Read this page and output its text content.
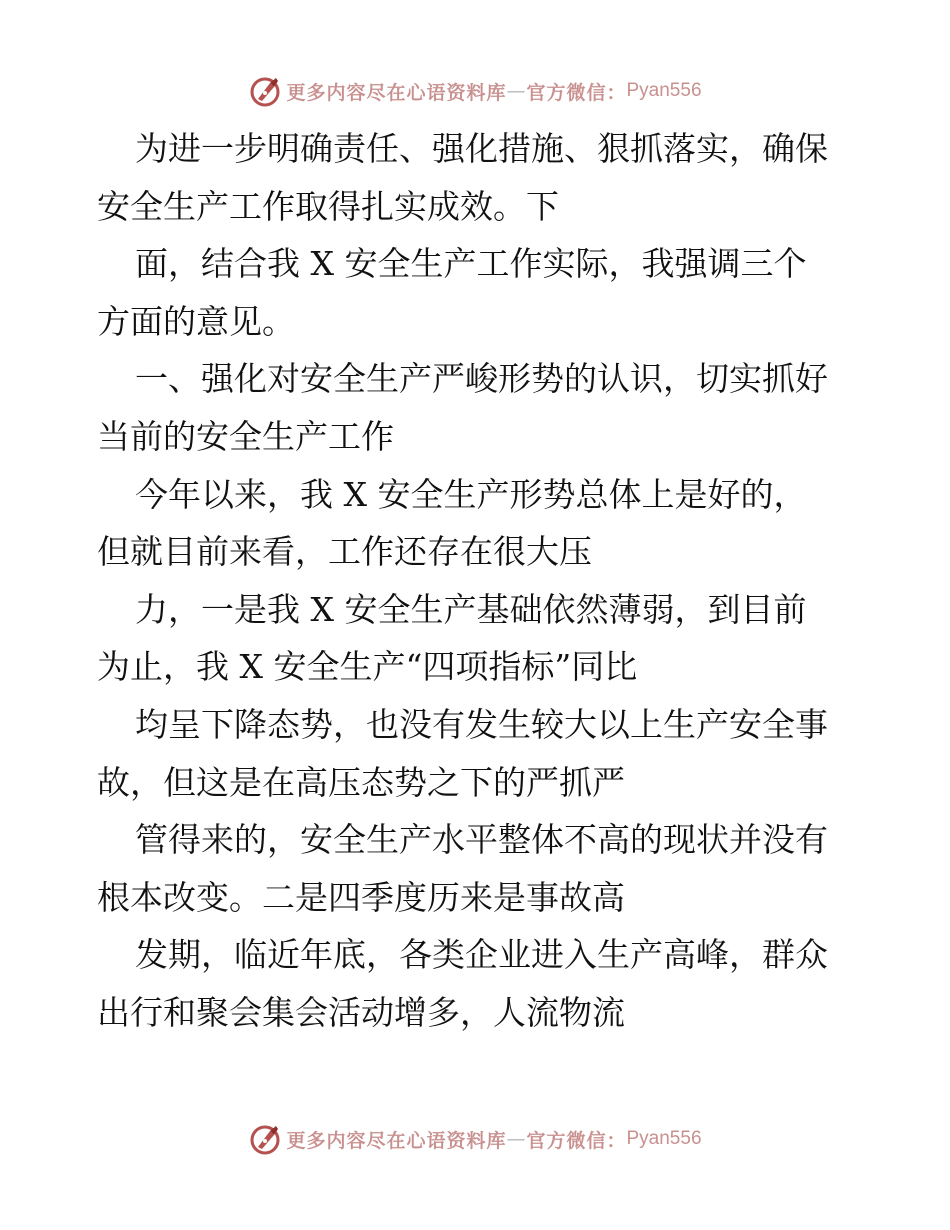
更多内容尽在心语资料库 — 官方微信： Pyan556
为进一步明确责任、强化措施、狠抓落实，确保
安全生产工作取得扎实成效。下
面，结合我 X 安全生产工作实际，我强调三个
方面的意见。
一、强化对安全生产严峻形势的认识，切实抓好
当前的安全生产工作
今年以来，我 X 安全生产形势总体上是好的，
但就目前来看，工作还存在很大压
力，一是我 X 安全生产基础依然薄弱，到目前
为止，我 X 安全生产“四项指标”同比
均呈下降态势，也没有发生较大以上生产安全事
故，但这是在高压态势之下的严抓严
管得来的，安全生产水平整体不高的现状并没有
根本改变。二是四季度历来是事故高
发期，临近年底，各类企业进入生产高峰，群众
出行和聚会集会活动增多，人流物流
更多内容尽在心语资料库 — 官方微信： Pyan556
